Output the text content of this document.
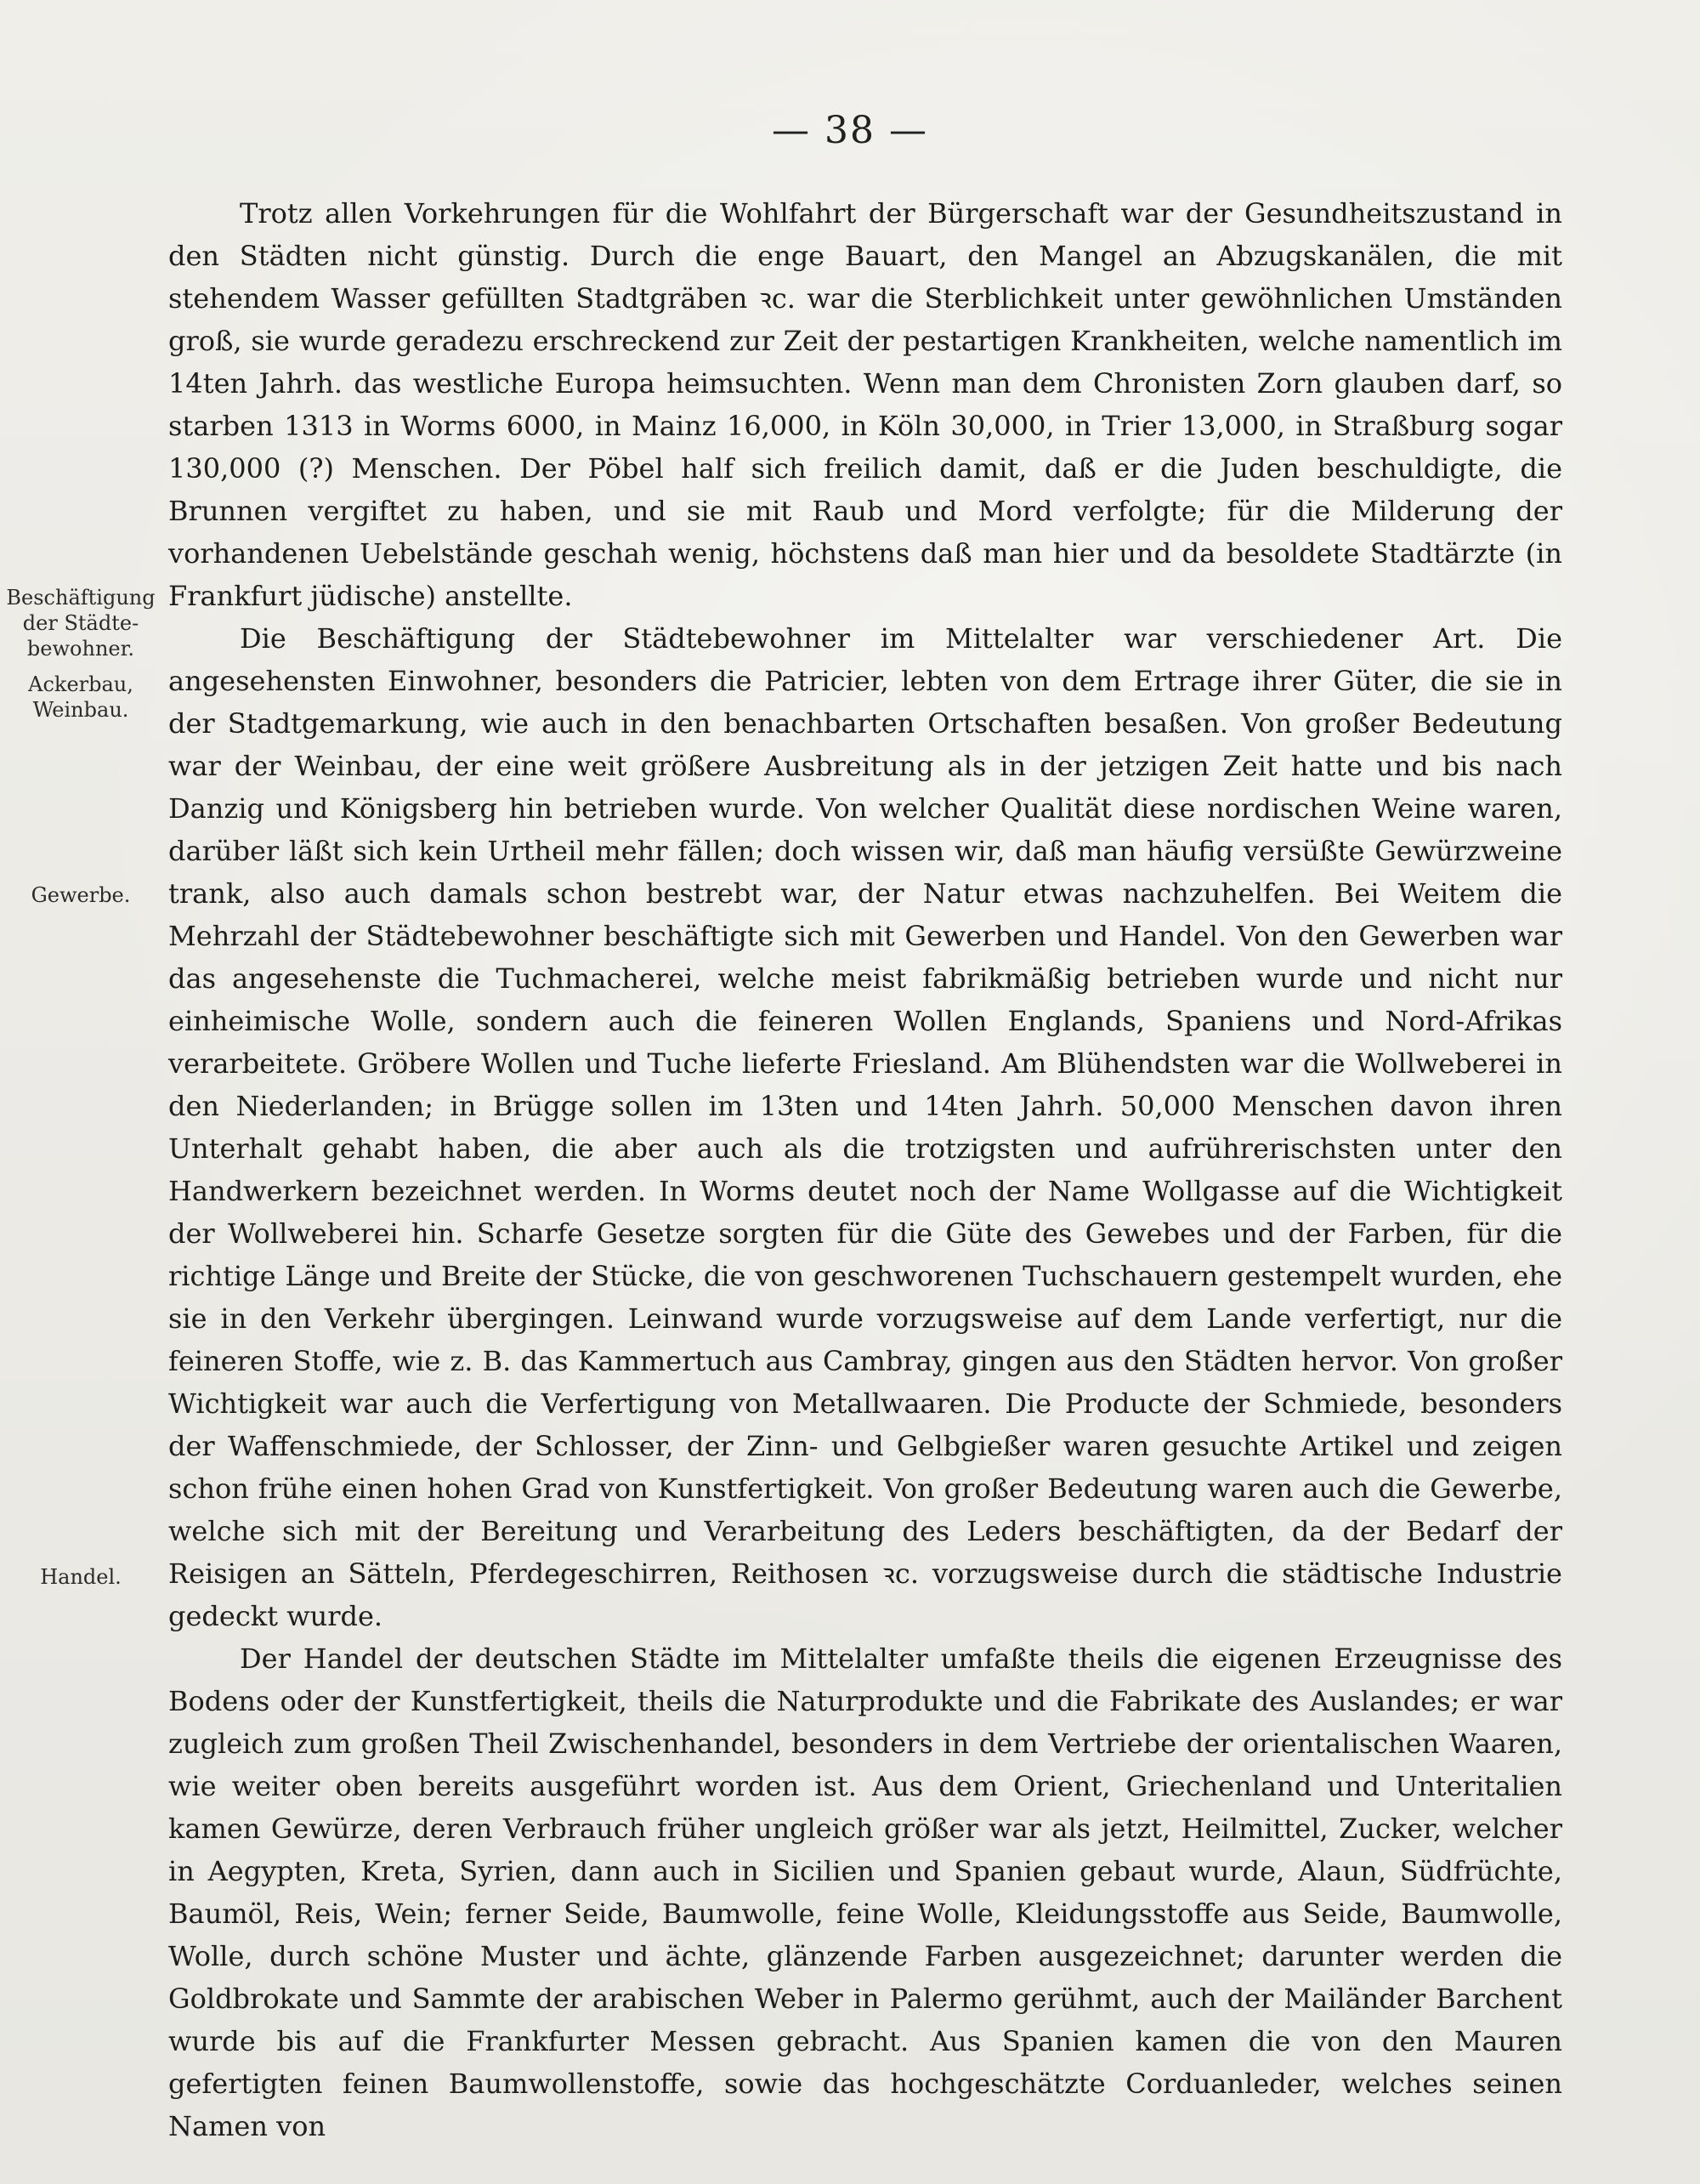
— 38 —
Beschäftigung der Städte- bewohner.
Ackerbau, Weinbau.
Gewerbe.
Handel.

Trotz allen Vorkehrungen für die Wohlfahrt der Bürgerschaft war der Gesundheitszustand in den Städten nicht günstig. Durch die enge Bauart, den Mangel an Abzugskanälen, die mit stehendem Wasser gefüllten Stadtgräben ꝛc. war die Sterblichkeit unter gewöhnlichen Umständen groß, sie wurde geradezu erschreckend zur Zeit der pestartigen Krankheiten, welche namentlich im 14ten Jahrh. das westliche Europa heimsuchten. Wenn man dem Chronisten Zorn glauben darf, so starben 1313 in Worms 6000, in Mainz 16,000, in Köln 30,000, in Trier 13,000, in Straßburg sogar 130,000 (?) Menschen. Der Pöbel half sich freilich damit, daß er die Juden beschuldigte, die Brunnen vergiftet zu haben, und sie mit Raub und Mord verfolgte; für die Milderung der vorhandenen Uebelstände geschah wenig, höchstens daß man hier und da besoldete Stadtärzte (in Frankfurt jüdische) anstellte.

Die Beschäftigung der Städtebewohner im Mittelalter war verschiedener Art. Die angesehensten Einwohner, besonders die Patricier, lebten von dem Ertrage ihrer Güter, die sie in der Stadtgemarkung, wie auch in den benachbarten Ortschaften besaßen. Von großer Bedeutung war der Weinbau, der eine weit größere Ausbreitung als in der jetzigen Zeit hatte und bis nach Danzig und Königsberg hin betrieben wurde. Von welcher Qualität diese nordischen Weine waren, darüber läßt sich kein Urtheil mehr fällen; doch wissen wir, daß man häufig versüßte Gewürzweine trank, also auch damals schon bestrebt war, der Natur etwas nachzuhelfen. Bei Weitem die Mehrzahl der Städtebewohner beschäftigte sich mit Gewerben und Handel. Von den Gewerben war das angesehenste die Tuchmacherei, welche meist fabrikmäßig betrieben wurde und nicht nur einheimische Wolle, sondern auch die feineren Wollen Englands, Spaniens und Nord-Afrikas verarbeitete. Gröbere Wollen und Tuche lieferte Friesland. Am Blühendsten war die Wollweberei in den Niederlanden; in Brügge sollen im 13ten und 14ten Jahrh. 50,000 Menschen davon ihren Unterhalt gehabt haben, die aber auch als die trotzigsten und aufrührerischsten unter den Handwerkern bezeichnet werden. In Worms deutet noch der Name Wollgasse auf die Wichtigkeit der Wollweberei hin. Scharfe Gesetze sorgten für die Güte des Gewebes und der Farben, für die richtige Länge und Breite der Stücke, die von geschworenen Tuchschauern gestempelt wurden, ehe sie in den Verkehr übergingen. Leinwand wurde vorzugsweise auf dem Lande verfertigt, nur die feineren Stoffe, wie z. B. das Kammertuch aus Cambray, gingen aus den Städten hervor. Von großer Wichtigkeit war auch die Verfertigung von Metallwaaren. Die Producte der Schmiede, besonders der Waffenschmiede, der Schlosser, der Zinn- und Gelbgießer waren gesuchte Artikel und zeigen schon frühe einen hohen Grad von Kunstfertigkeit. Von großer Bedeutung waren auch die Gewerbe, welche sich mit der Bereitung und Verarbeitung des Leders beschäftigten, da der Bedarf der Reisigen an Sätteln, Pferdegeschirren, Reithosen ꝛc. vorzugsweise durch die städtische Industrie gedeckt wurde.

Der Handel der deutschen Städte im Mittelalter umfaßte theils die eigenen Erzeugnisse des Bodens oder der Kunstfertigkeit, theils die Naturprodukte und die Fabrikate des Auslandes; er war zugleich zum großen Theil Zwischenhandel, besonders in dem Vertriebe der orientalischen Waaren, wie weiter oben bereits ausgeführt worden ist. Aus dem Orient, Griechenland und Unteritalien kamen Gewürze, deren Verbrauch früher ungleich größer war als jetzt, Heilmittel, Zucker, welcher in Aegypten, Kreta, Syrien, dann auch in Sicilien und Spanien gebaut wurde, Alaun, Südfrüchte, Baumöl, Reis, Wein; ferner Seide, Baumwolle, feine Wolle, Kleidungsstoffe aus Seide, Baumwolle, Wolle, durch schöne Muster und ächte, glänzende Farben ausgezeichnet; darunter werden die Goldbrokate und Sammte der arabischen Weber in Palermo gerühmt, auch der Mailänder Barchent wurde bis auf die Frankfurter Messen gebracht. Aus Spanien kamen die von den Mauren gefertigten feinen Baumwollenstoffe, sowie das hochgeschätzte Corduanleder, welches seinen Namen von
